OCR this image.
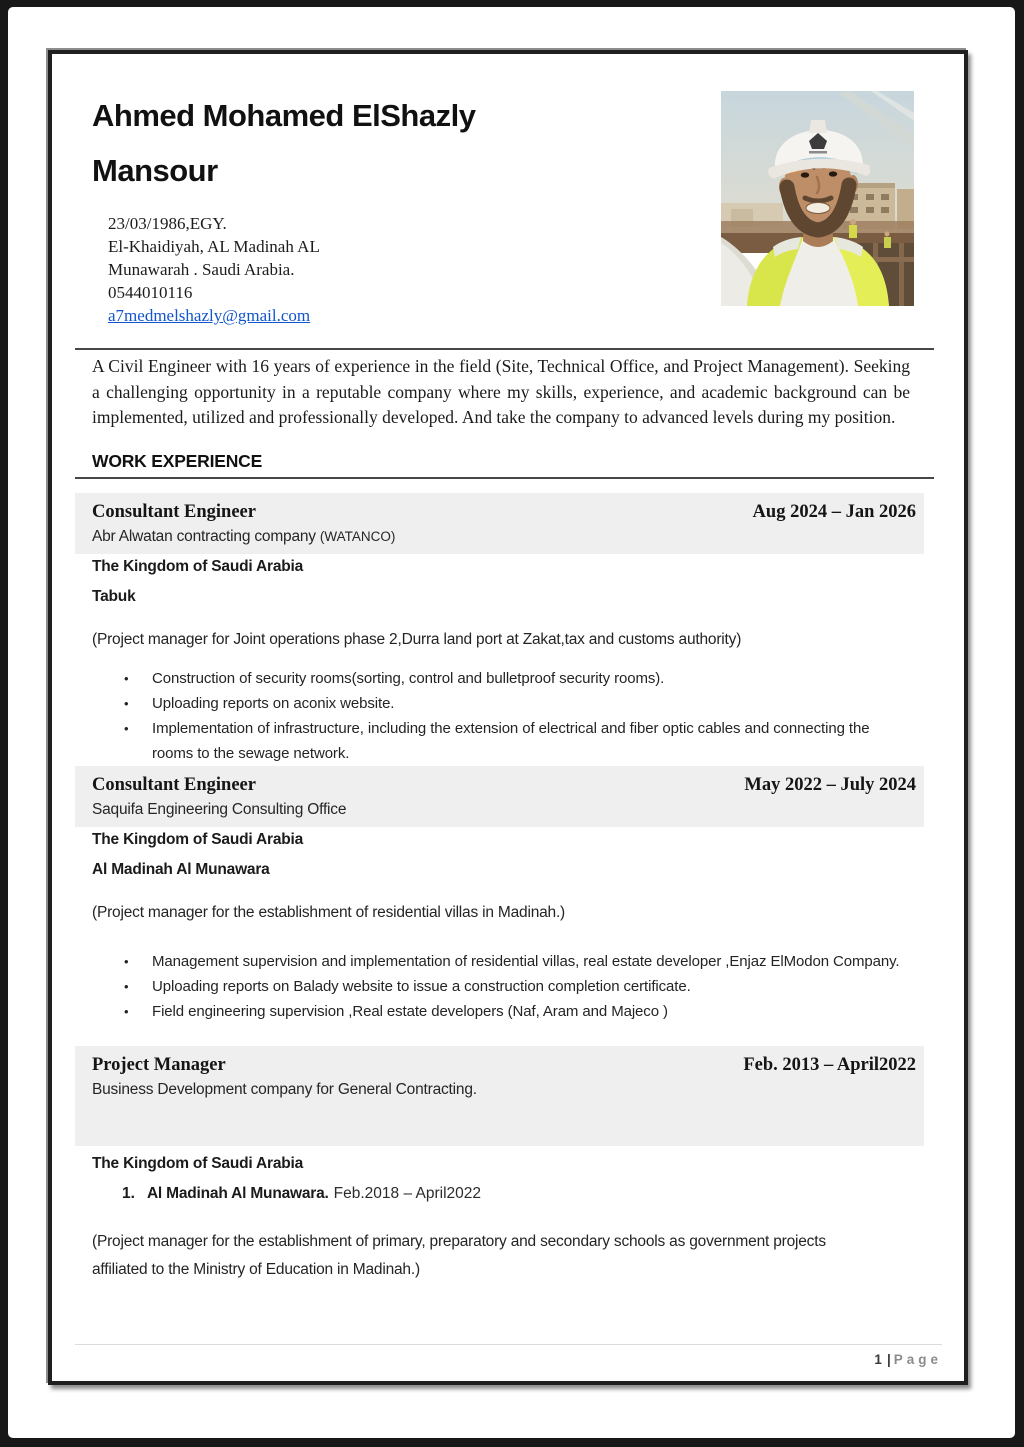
Ahmed Mohamed ElShazly
Mansour
23/03/1986,EGY.
El-Khaidiyah, AL Madinah AL
Munawarah . Saudi Arabia.
0544010116
a7medmelshazly@gmail.com

A Civil Engineer with 16 years of experience in the field (Site, Technical Office, and Project Management). Seeking a challenging opportunity in a reputable company where my skills, experience, and academic background can be implemented, utilized and professionally developed. And take the company to advanced levels during my position.

WORK EXPERIENCE
Consultant Engineer	Aug 2024 – Jan 2026
Abr Alwatan contracting company (WATANCO)
The Kingdom of Saudi Arabia
Tabuk

(Project manager for Joint operations phase 2,Durra land port at Zakat,tax and customs authority)

• Construction of security rooms(sorting, control and bulletproof security rooms).
• Uploading reports on aconix website.
• Implementation of infrastructure, including the extension of electrical and fiber optic cables and connecting the rooms to the sewage network.
Consultant Engineer	May 2022 – July 2024
Saquifa Engineering Consulting Office
The Kingdom of Saudi Arabia
Al Madinah Al Munawara

(Project manager for the establishment of residential villas in Madinah.)

• Management supervision and implementation of residential villas, real estate developer ,Enjaz ElModon Company.
• Uploading reports on Balady website to issue a construction completion certificate.
• Field engineering supervision ,Real estate developers (Naf, Aram and Majeco )
Project Manager	Feb. 2013 – April2022
Business Development company for General Contracting.
The Kingdom of Saudi Arabia
1. Al Madinah Al Munawara. Feb.2018 – April2022

(Project manager for the establishment of primary, preparatory and secondary schools as government projects affiliated to the Ministry of Education in Madinah.)

1 | Page
